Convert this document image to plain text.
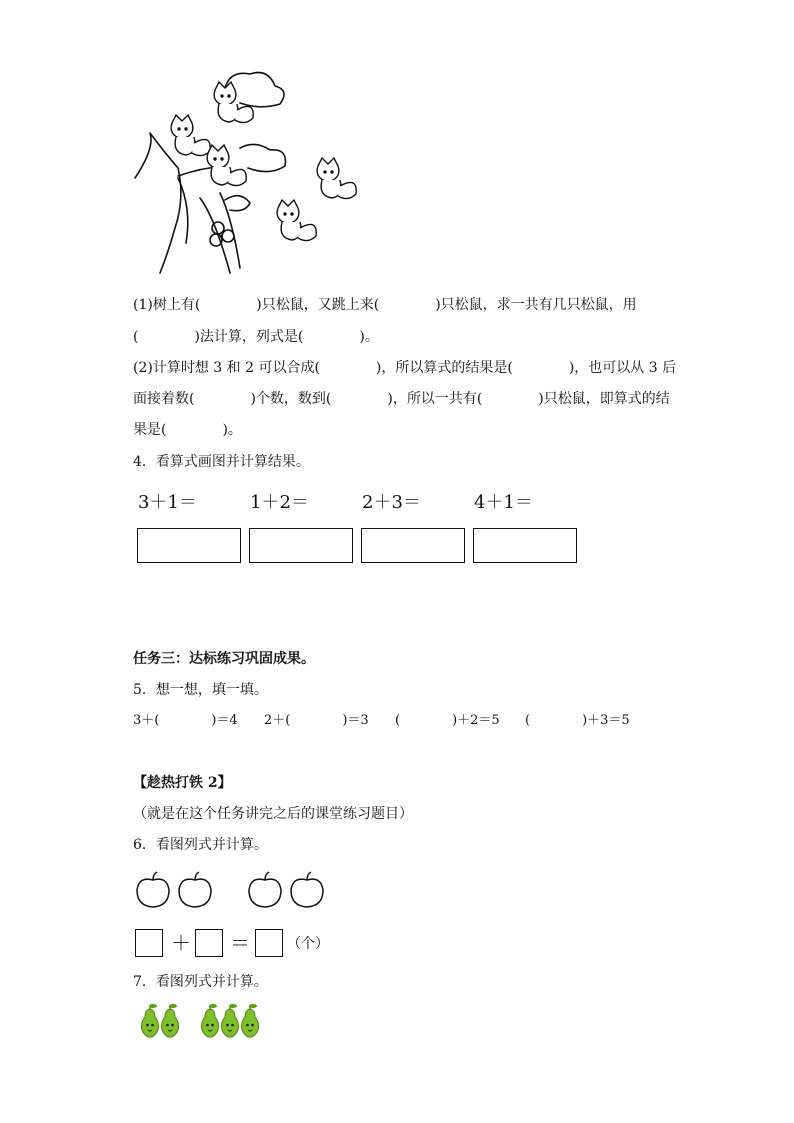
(1)树上有(　　　　)只松鼠，又跳上来(　　　　)只松鼠，求一共有几只松鼠，用
(　　　　)法计算，列式是(　　　　)。
(2)计算时想 3 和 2 可以合成(　　　　)，所以算式的结果是(　　　　)，也可以从 3 后
面接着数(　　　　)个数，数到(　　　　)，所以一共有(　　　　)只松鼠，即算式的结
果是(　　　　)。
4．看算式画图并计算结果。
3＋1＝	1＋2＝	2＋3＝	4＋1＝
任务三：达标练习巩固成果。
5．想一想，填一填。
3＋(　　　　)＝4 2＋(　　　　)＝3 (　　　　)＋2＝5 (　　　　)＋3＝5
【趁热打铁 2】
（就是在这个任务讲完之后的课堂练习题目）
6．看图列式并计算。
＋ ＝	（个）
7．看图列式并计算。
